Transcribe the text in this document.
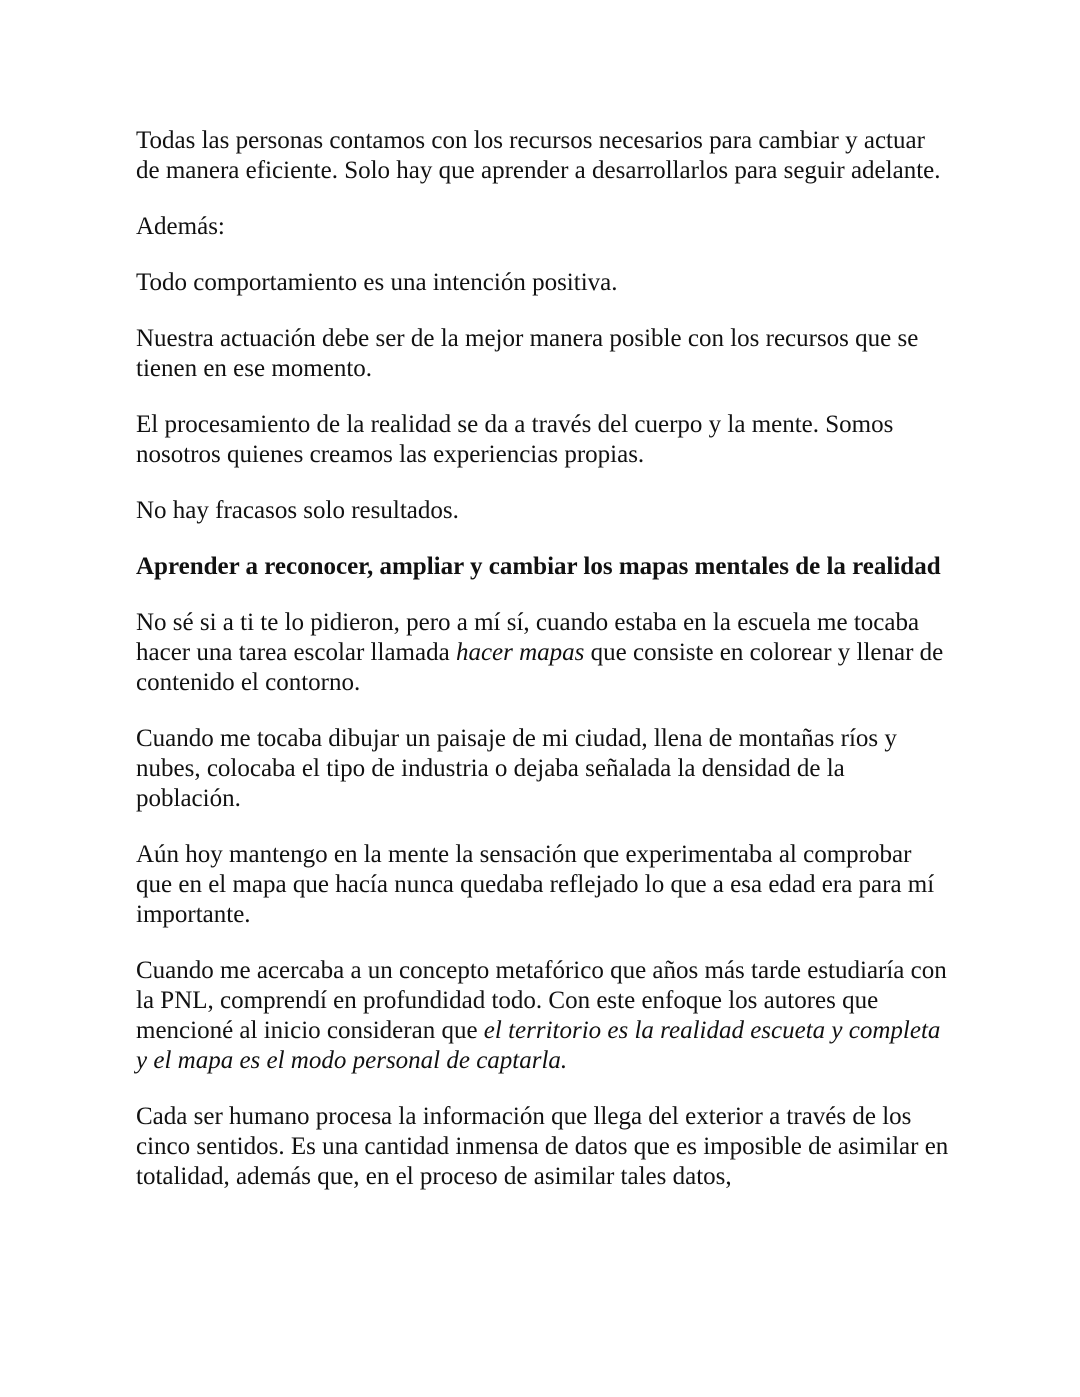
Todas las personas contamos con los recursos necesarios para cambiar y actuar de manera eficiente. Solo hay que aprender a desarrollarlos para seguir adelante.

Además:

Todo comportamiento es una intención positiva.

Nuestra actuación debe ser de la mejor manera posible con los recursos que se tienen en ese momento.

El procesamiento de la realidad se da a través del cuerpo y la mente. Somos nosotros quienes creamos las experiencias propias.

No hay fracasos solo resultados.

Aprender a reconocer, ampliar y cambiar los mapas mentales de la realidad

No sé si a ti te lo pidieron, pero a mí sí, cuando estaba en la escuela me tocaba hacer una tarea escolar llamada hacer mapas que consiste en colorear y llenar de contenido el contorno.

Cuando me tocaba dibujar un paisaje de mi ciudad, llena de montañas ríos y nubes, colocaba el tipo de industria o dejaba señalada la densidad de la población.

Aún hoy mantengo en la mente la sensación que experimentaba al comprobar que en el mapa que hacía nunca quedaba reflejado lo que a esa edad era para mí importante.

Cuando me acercaba a un concepto metafórico que años más tarde estudiaría con la PNL, comprendí en profundidad todo. Con este enfoque los autores que mencioné al inicio consideran que el territorio es la realidad escueta y completa y el mapa es el modo personal de captarla.

Cada ser humano procesa la información que llega del exterior a través de los cinco sentidos. Es una cantidad inmensa de datos que es imposible de asimilar en totalidad, además que, en el proceso de asimilar tales datos,
